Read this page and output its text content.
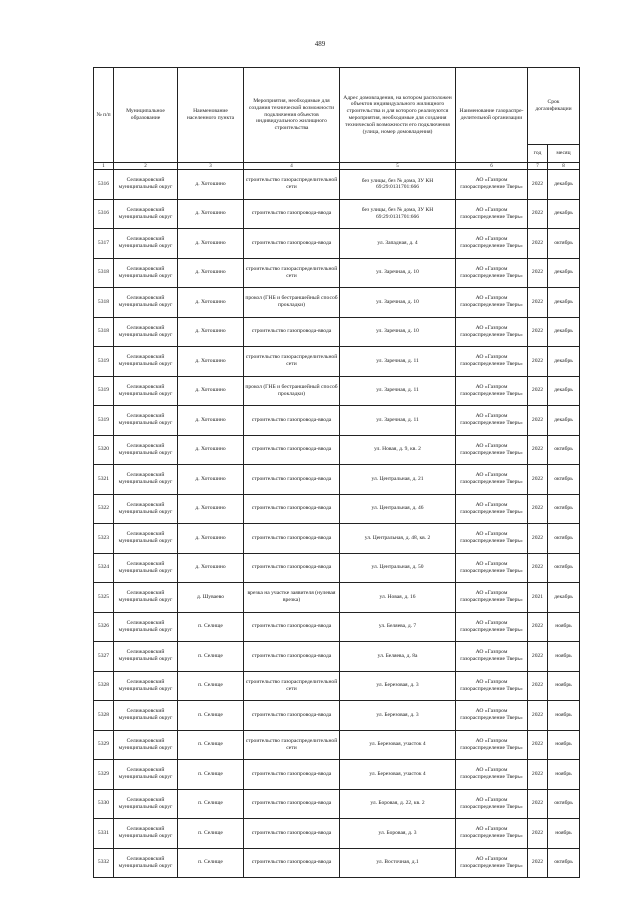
489
№ п/п	Муниципальное образование	Наименование населенного пункта	Мероприятия, необходимые для создания технической возможности подключения объектов индивидуального жилищного строительства	Адрес домовладения, на котором расположен объектов индивидуального жилищного строительства и для которого реализуются мероприятия, необходимые для создания технической возможности его подключения (улица, номер домовладения)	Наименование газораспре-делительной организации	Срок догазификации	
						год	месяц
1	2	3	4	5	6	7	8
5316	Селижаровский муниципальный округ	д. Хотошино	строительство газораспределительной сети	без улицы, без № дома, ЗУ КН 69:29:0131701:666	АО «Газпром газораспределение Тверь»	2022	декабрь
5316	Селижаровский муниципальный округ	д. Хотошино	строительство газопровода-ввода	без улицы, без № дома, ЗУ КН 69:29:0131701:666	АО «Газпром газораспределение Тверь»	2022	декабрь
5317	Селижаровский муниципальный округ	д. Хотошино	строительство газопровода-ввода	ул. Западная, д. 4	АО «Газпром газораспределение Тверь»	2022	октябрь
5318	Селижаровский муниципальный округ	д. Хотошино	строительство газораспределительной сети	ул. Заречная, д. 10	АО «Газпром газораспределение Тверь»	2022	декабрь
5318	Селижаровский муниципальный округ	д. Хотошино	прокол (ГНБ и бестраншейный способ прокладки)	ул. Заречная, д. 10	АО «Газпром газораспределение Тверь»	2022	декабрь
5318	Селижаровский муниципальный округ	д. Хотошино	строительство газопровода-ввода	ул. Заречная, д. 10	АО «Газпром газораспределение Тверь»	2022	декабрь
5319	Селижаровский муниципальный округ	д. Хотошино	строительство газораспределительной сети	ул. Заречная, д. 11	АО «Газпром газораспределение Тверь»	2022	декабрь
5319	Селижаровский муниципальный округ	д. Хотошино	прокол (ГНБ и бестраншейный способ прокладки)	ул. Заречная, д. 11	АО «Газпром газораспределение Тверь»	2022	декабрь
5319	Селижаровский муниципальный округ	д. Хотошино	строительство газопровода-ввода	ул. Заречная, д. 11	АО «Газпром газораспределение Тверь»	2022	декабрь
5320	Селижаровский муниципальный округ	д. Хотошино	строительство газопровода-ввода	ул. Новая, д. 9, кв. 2	АО «Газпром газораспределение Тверь»	2022	октябрь
5321	Селижаровский муниципальный округ	д. Хотошино	строительство газопровода-ввода	ул. Центральная, д. 21	АО «Газпром газораспределение Тверь»	2022	октябрь
5322	Селижаровский муниципальный округ	д. Хотошино	строительство газопровода-ввода	ул. Центральная, д. 46	АО «Газпром газораспределение Тверь»	2022	октябрь
5323	Селижаровский муниципальный округ	д. Хотошино	строительство газопровода-ввода	ул. Центральная, д. 48, кв. 2	АО «Газпром газораспределение Тверь»	2022	октябрь
5324	Селижаровский муниципальный округ	д. Хотошино	строительство газопровода-ввода	ул. Центральная, д. 50	АО «Газпром газораспределение Тверь»	2022	октябрь
5325	Селижаровский муниципальный округ	д. Шуваево	врезка на участке заявителя (нулевая врезка)	ул. Новая, д. 16	АО «Газпром газораспределение Тверь»	2021	декабрь
5326	Селижаровский муниципальный округ	п. Селище	строительство газопровода-ввода	ул. Беляева, д. 7	АО «Газпром газораспределение Тверь»	2022	ноябрь
5327	Селижаровский муниципальный округ	п. Селище	строительство газопровода-ввода	ул. Беляева, д. 8а	АО «Газпром газораспределение Тверь»	2022	ноябрь
5328	Селижаровский муниципальный округ	п. Селище	строительство газораспределительной сети	ул. Березовая, д. 3	АО «Газпром газораспределение Тверь»	2022	ноябрь
5328	Селижаровский муниципальный округ	п. Селище	строительство газопровода-ввода	ул. Березовая, д. 3	АО «Газпром газораспределение Тверь»	2022	ноябрь
5329	Селижаровский муниципальный округ	п. Селище	строительство газораспределительной сети	ул. Березовая, участок 4	АО «Газпром газораспределение Тверь»	2022	ноябрь
5329	Селижаровский муниципальный округ	п. Селище	строительство газопровода-ввода	ул. Березовая, участок 4	АО «Газпром газораспределение Тверь»	2022	ноябрь
5330	Селижаровский муниципальный округ	п. Селище	строительство газопровода-ввода	ул. Боровая, д. 22, кв. 2	АО «Газпром газораспределение Тверь»	2022	октябрь
5331	Селижаровский муниципальный округ	п. Селище	строительство газопровода-ввода	ул. Боровая, д. 3	АО «Газпром газораспределение Тверь»	2022	ноябрь
5332	Селижаровский муниципальный округ	п. Селище	строительство газопровода-ввода	ул. Восточная, д.1	АО «Газпром газораспределение Тверь»	2022	октябрь
